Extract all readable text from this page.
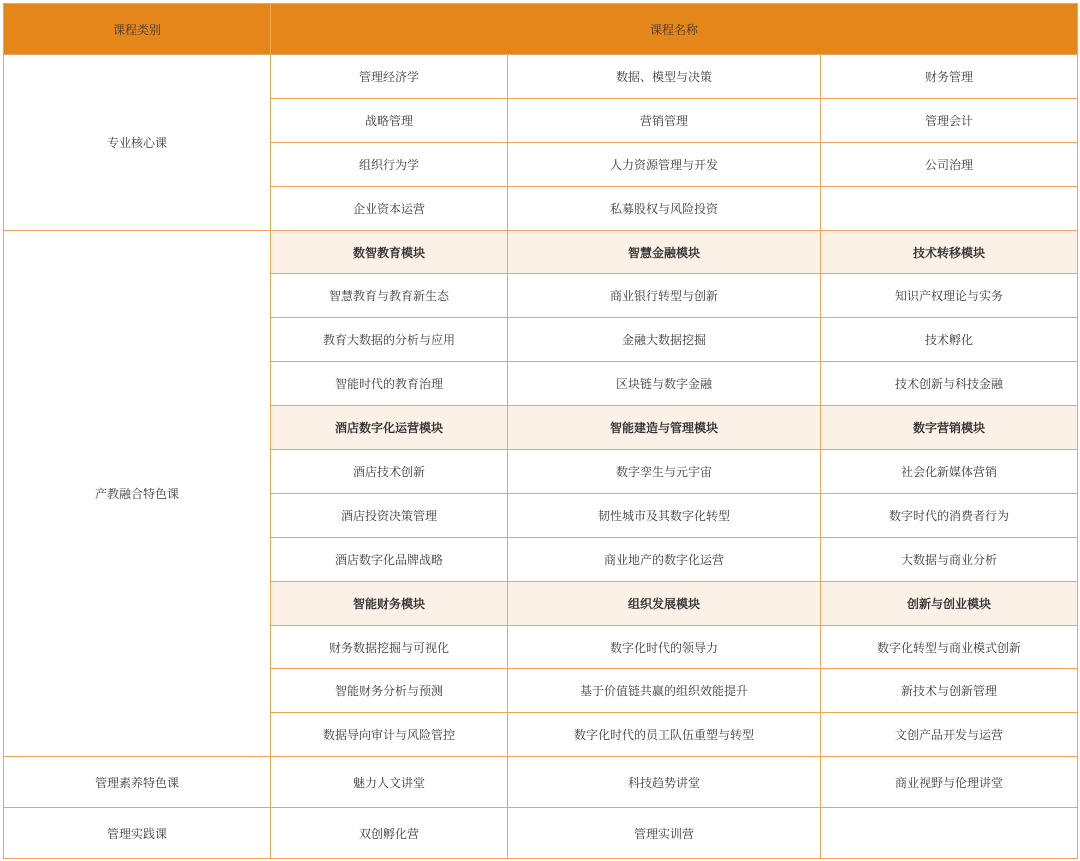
课程类别	课程名称		
专业核心课	管理经济学	数据、模型与决策	财务管理
	战略管理	营销管理	管理会计
	组织行为学	人力资源管理与开发	公司治理
	企业资本运营	私募股权与风险投资	
产教融合特色课	数智教育模块	智慧金融模块	技术转移模块
	智慧教育与教育新生态	商业银行转型与创新	知识产权理论与实务
	教育大数据的分析与应用	金融大数据挖掘	技术孵化
	智能时代的教育治理	区块链与数字金融	技术创新与科技金融
	酒店数字化运营模块	智能建造与管理模块	数字营销模块
	酒店技术创新	数字孪生与元宇宙	社会化新媒体营销
	酒店投资决策管理	韧性城市及其数字化转型	数字时代的消费者行为
	酒店数字化品牌战略	商业地产的数字化运营	大数据与商业分析
	智能财务模块	组织发展模块	创新与创业模块
	财务数据挖掘与可视化	数字化时代的领导力	数字化转型与商业模式创新
	智能财务分析与预测	基于价值链共赢的组织效能提升	新技术与创新管理
	数据导向审计与风险管控	数字化时代的员工队伍重塑与转型	文创产品开发与运营
管理素养特色课	魅力人文讲堂	科技趋势讲堂	商业视野与伦理讲堂
管理实践课	双创孵化营	管理实训营	
